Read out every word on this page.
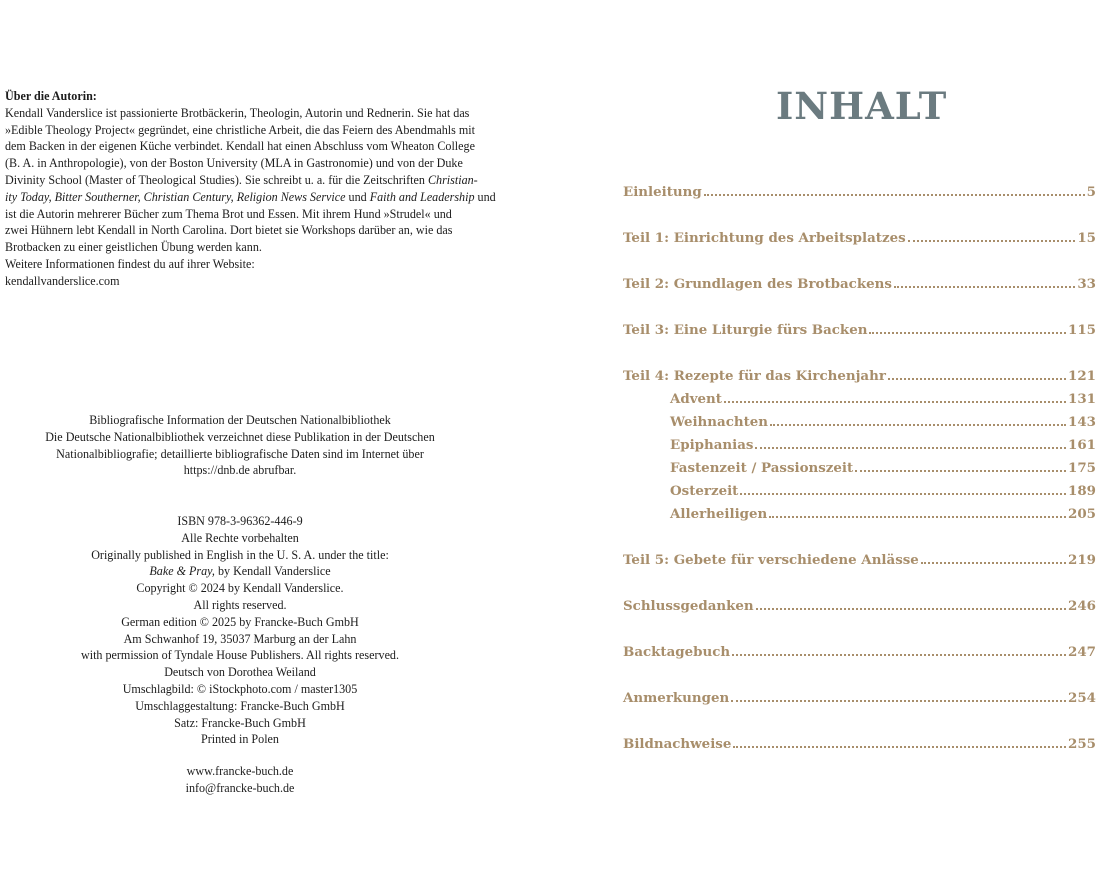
Über die Autorin:
Kendall Vanderslice ist passionierte Brotbäckerin, Theologin, Autorin und Rednerin. Sie hat das
»Edible Theology Project« gegründet, eine christliche Arbeit, die das Feiern des Abendmahls mit
dem Backen in der eigenen Küche verbindet. Kendall hat einen Abschluss vom Wheaton College
(B. A. in Anthropologie), von der Boston University (MLA in Gastronomie) und von der Duke
Divinity School (Master of Theological Studies). Sie schreibt u. a. für die Zeitschriften Christian-
ity Today, Bitter Southerner, Christian Century, Religion News Service und Faith and Leadership und
ist die Autorin mehrerer Bücher zum Thema Brot und Essen. Mit ihrem Hund »Strudel« und
zwei Hühnern lebt Kendall in North Carolina. Dort bietet sie Workshops darüber an, wie das
Brotbacken zu einer geistlichen Übung werden kann.
Weitere Informationen findest du auf ihrer Website:
kendallvanderslice.com
Bibliografische Information der Deutschen Nationalbibliothek
Die Deutsche Nationalbibliothek verzeichnet diese Publikation in der Deutschen
Nationalbibliografie; detaillierte bibliografische Daten sind im Internet über
https://dnb.de abrufbar.
ISBN 978-3-96362-446-9
Alle Rechte vorbehalten
Originally published in English in the U. S. A. under the title:
Bake & Pray, by Kendall Vanderslice
Copyright © 2024 by Kendall Vanderslice.
All rights reserved.
German edition © 2025 by Francke-Buch GmbH
Am Schwanhof 19, 35037 Marburg an der Lahn
with permission of Tyndale House Publishers. All rights reserved.
Deutsch von Dorothea Weiland
Umschlagbild: © iStockphoto.com / master1305
Umschlaggestaltung: Francke-Buch GmbH
Satz: Francke-Buch GmbH
Printed in Polen
www.francke-buch.de
info@francke-buch.de
INHALT
Einleitung	5
Teil 1: Einrichtung des Arbeitsplatzes	15
Teil 2: Grundlagen des Brotbackens	33
Teil 3: Eine Liturgie fürs Backen	115
Teil 4: Rezepte für das Kirchenjahr	121
Advent	131
Weihnachten	143
Epiphanias	161
Fastenzeit / Passionszeit	175
Osterzeit	189
Allerheiligen	205
Teil 5: Gebete für verschiedene Anlässe	219
Schlussgedanken	246
Backtagebuch	247
Anmerkungen	254
Bildnachweise	255
